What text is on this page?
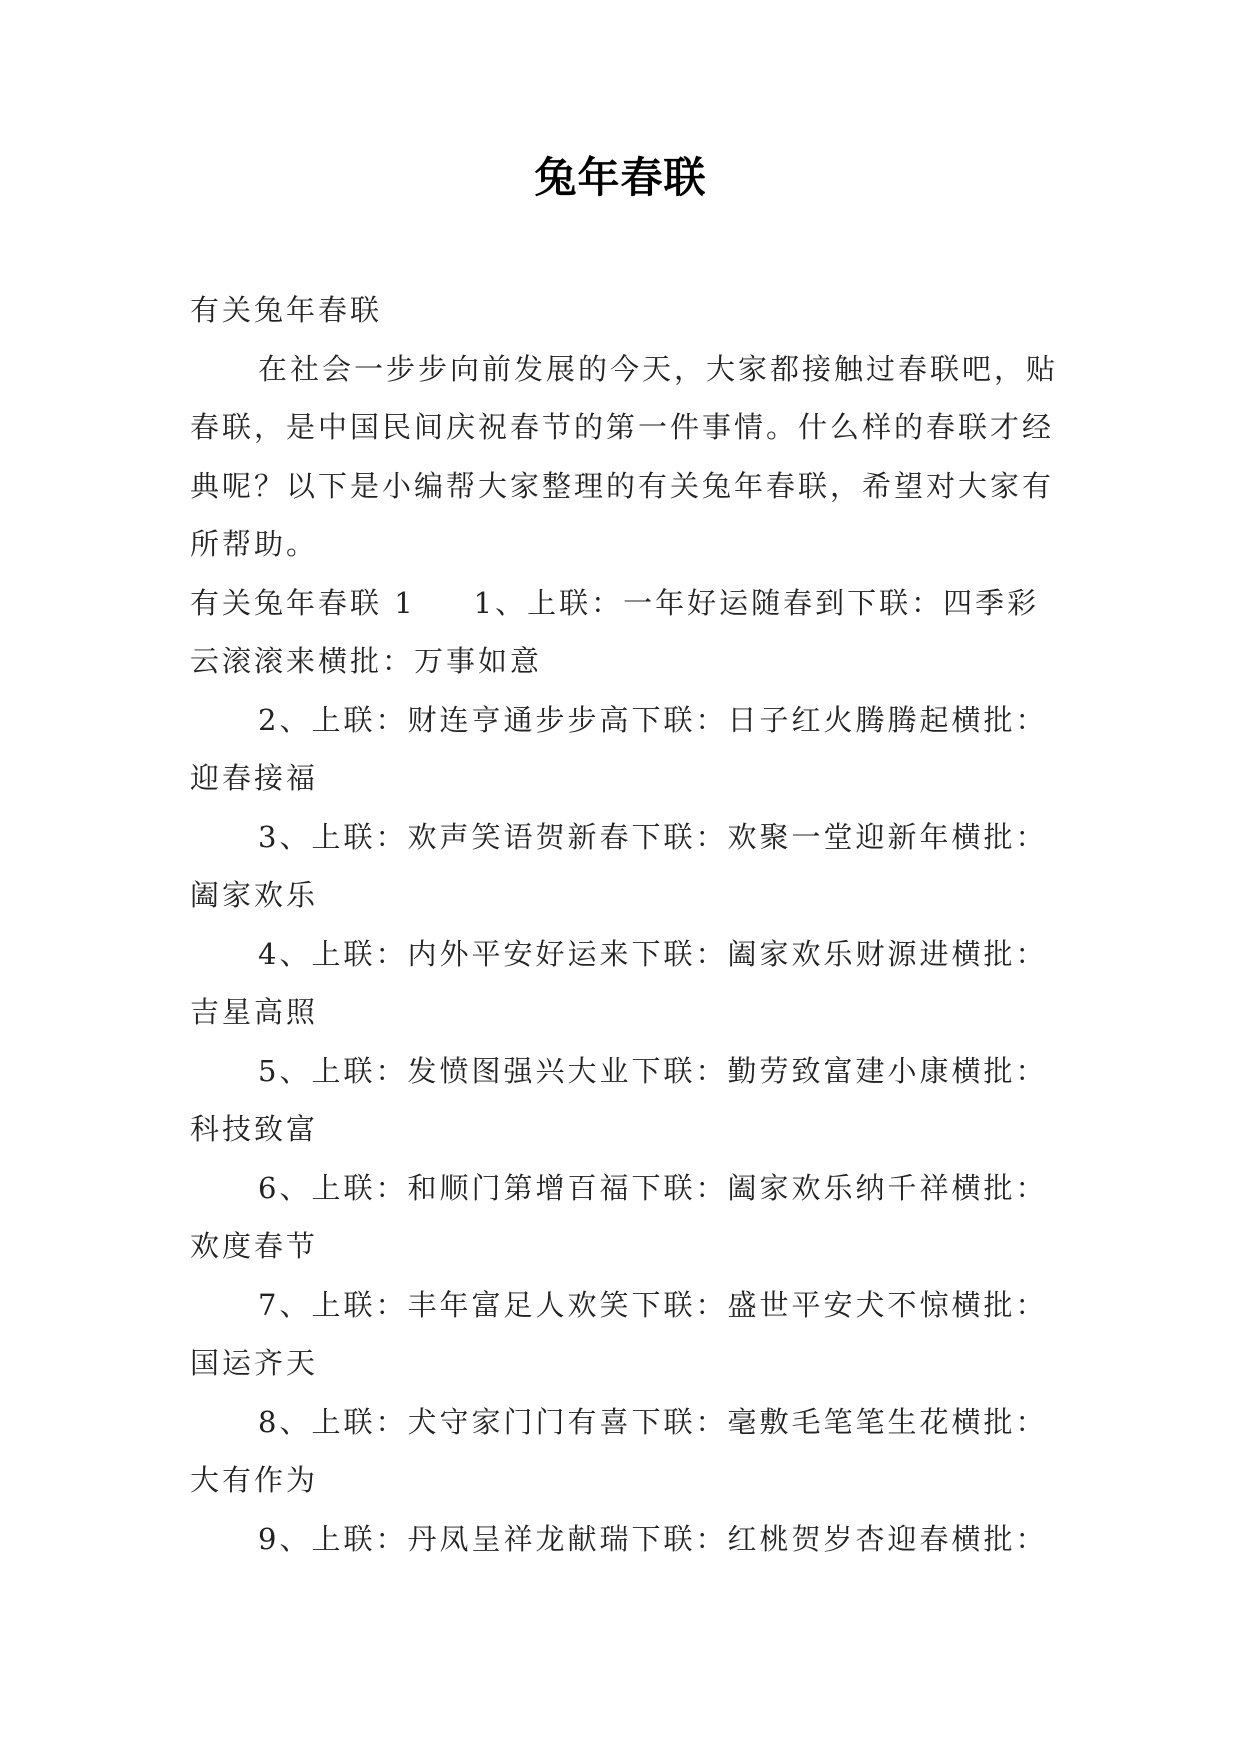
兔年春联

有关兔年春联

在社会一步步向前发展的今天，大家都接触过春联吧，贴春联，是中国民间庆祝春节的第一件事情。什么样的春联才经典呢？以下是小编帮大家整理的有关兔年春联，希望对大家有所帮助。

有关兔年春联 1 1、上联：一年好运随春到下联：四季彩云滚滚来横批：万事如意

2、上联：财连亨通步步高下联：日子红火腾腾起横批：迎春接福

3、上联：欢声笑语贺新春下联：欢聚一堂迎新年横批：阖家欢乐

4、上联：内外平安好运来下联：阖家欢乐财源进横批：吉星高照

5、上联：发愤图强兴大业下联：勤劳致富建小康横批：科技致富

6、上联：和顺门第增百福下联：阖家欢乐纳千祥横批：欢度春节

7、上联：丰年富足人欢笑下联：盛世平安犬不惊横批：国运齐天

8、上联：犬守家门门有喜下联：毫敷毛笔笔生花横批：大有作为

9、上联：丹凤呈祥龙献瑞下联：红桃贺岁杏迎春横批：
